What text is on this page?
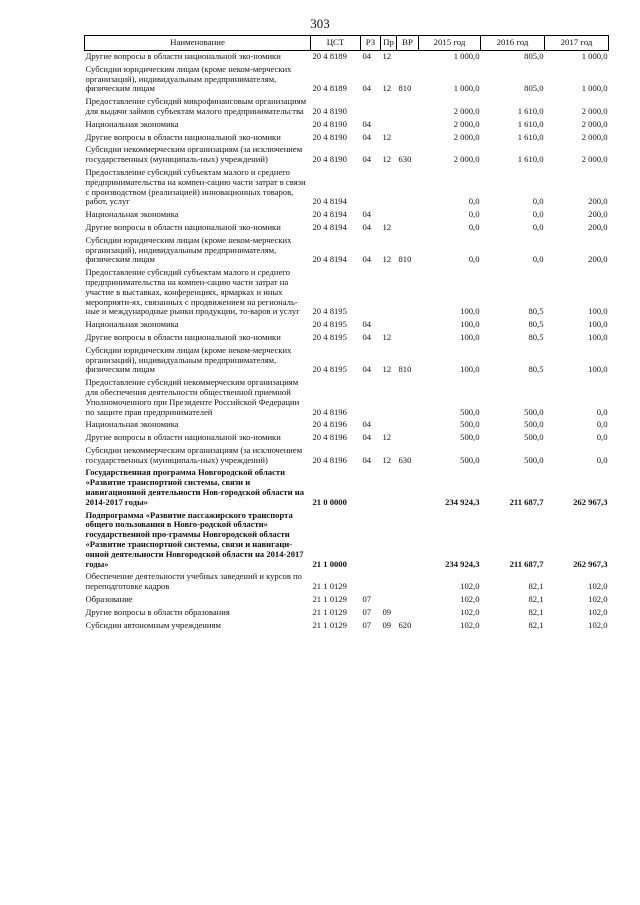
303
Наименование	ЦСТ	РЗ	Пр	ВР	2015 год	2016 год	2017 год
Другие вопросы в области национальной эко-номики	20 4 8189	04	12		1 000,0	805,0	1 000,0
Субсидии юридическим лицам (кроме неком-мерческих организаций), индивидуальным предпринимателям, физическим лицам	20 4 8189	04	12	810	1 000,0	805,0	1 000,0
Предоставление субсидий микрофинансовым организациям для выдачи займов субъектам малого предпринимательства	20 4 8190				2 000,0	1 610,0	2 000,0
Национальная экономика	20 4 8190	04			2 000,0	1 610,0	2 000,0
Другие вопросы в области национальной эко-номики	20 4 8190	04	12		2 000,0	1 610,0	2 000,0
Субсидии некоммерческим организациям (за исключением государственных (муниципаль-ных) учреждений)	20 4 8190	04	12	630	2 000,0	1 610,0	2 000,0
Предоставление субсидий субъектам малого и среднего предпринимательства на компен-сацию части затрат в связи с производством (реализацией) инновационных товаров, работ, услуг	20 4 8194				0,0	0,0	200,0
Национальная экономика	20 4 8194	04			0,0	0,0	200,0
Другие вопросы в области национальной эко-номики	20 4 8194	04	12		0,0	0,0	200,0
Субсидии юридическим лицам (кроме неком-мерческих организаций), индивидуальным предпринимателям, физическим лицам	20 4 8194	04	12	810	0,0	0,0	200,0
Предоставление субсидий субъектам малого и среднего предпринимательства на компен-сацию части затрат на участие в выставках, конференциях, ярмарках и иных мероприяти-ях, связанных с продвижением на региональ-ные и международные рынки продукции, то-варов и услуг	20 4 8195				100,0	80,5	100,0
Национальная экономика	20 4 8195	04			100,0	80,5	100,0
Другие вопросы в области национальной эко-номики	20 4 8195	04	12		100,0	80,5	100,0
Субсидии юридическим лицам (кроме неком-мерческих организаций), индивидуальным предпринимателям, физическим лицам	20 4 8195	04	12	810	100,0	80,5	100,0
Предоставление субсидий некоммерческим организациям для обеспечения деятельности общественной приемной Уполномоченного при Президенте Российской Федерации по защите прав предпринимателей	20 4 8196				500,0	500,0	0,0
Национальная экономика	20 4 8196	04			500,0	500,0	0,0
Другие вопросы в области национальной эко-номики	20 4 8196	04	12		500,0	500,0	0,0
Субсидии некоммерческим организациям (за исключением государственных (муниципаль-ных) учреждений)	20 4 8196	04	12	630	500,0	500,0	0,0
Государственная программа Новгородской области «Развитие транспортной системы, связи и навигационной деятельности Нов-городской области на 2014-2017 годы»	21 0 0000				234 924,3	211 687,7	262 967,3
Подпрограмма «Развитие пассажирского транспорта общего пользования в Новго-родской области» государственной про-граммы Новгородской области «Развитие транспортной системы, связи и навигаци-онной деятельности Новгородской области на 2014-2017 годы»	21 1 0000				234 924,3	211 687,7	262 967,3
Обеспечение деятельности учебных заведений и курсов по переподготовке кадров	21 1 0129				102,0	82,1	102,0
Образование	21 1 0129	07			102,0	82,1	102,0
Другие вопросы в области образования	21 1 0129	07	09		102,0	82,1	102,0
Субсидии автономным учреждениям	21 1 0129	07	09	620	102,0	82,1	102,0
